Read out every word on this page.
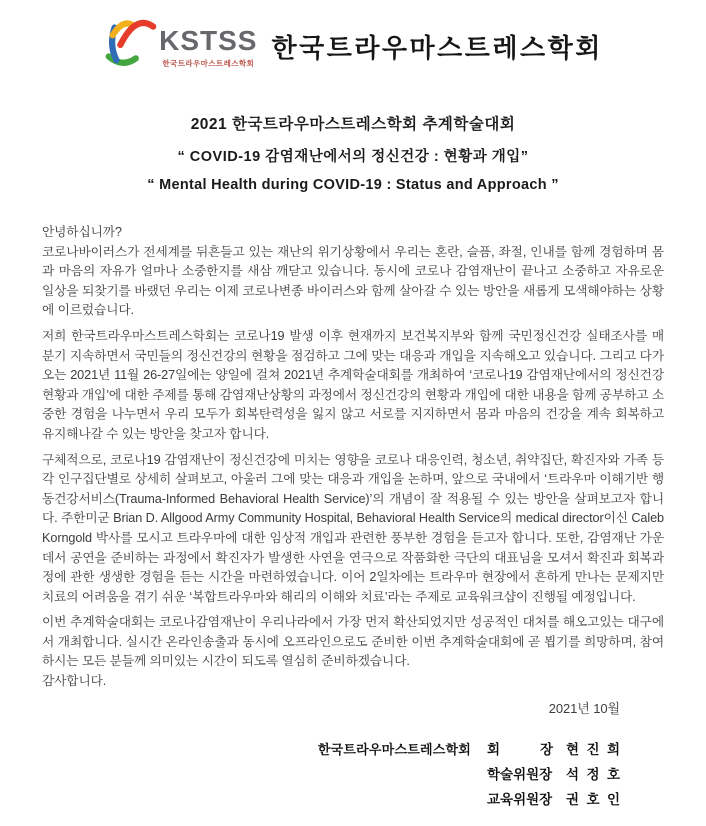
KSTSS
한국트라우마스트레스학회
한국트라우마스트레스학회
2021 한국트라우마스트레스학회 추계학술대회
“ COVID-19 감염재난에서의 정신건강 : 현황과 개입”
“ Mental Health during COVID-19 : Status and Approach ”
안녕하십니까?

코로나바이러스가 전세계를 뒤흔들고 있는 재난의 위기상황에서 우리는 혼란, 슬픔, 좌절, 인내를 함께 경험하며 몸과 마음의 자유가 얼마나 소중한지를 새삼 깨닫고 있습니다. 동시에 코로나 감염재난이 끝나고 소중하고 자유로운 일상을 되찾기를 바랬던 우리는 이제 코로나변종 바이러스와 함께 살아갈 수 있는 방안을 새롭게 모색해야하는 상황에 이르렀습니다.

저희 한국트라우마스트레스학회는 코로나19 발생 이후 현재까지 보건복지부와 함께 국민정신건강 실태조사를 매 분기 지속하면서 국민들의 정신건강의 현황을 점검하고 그에 맞는 대응과 개입을 지속해오고 있습니다. 그리고 다가오는 2021년 11월 26-27일에는 양일에 걸쳐 2021년 추계학술대회를 개최하여 ‘코로나19 감염재난에서의 정신건강 현황과 개입’에 대한 주제를 통해 감염재난상황의 과정에서 정신건강의 현황과 개입에 대한 내용을 함께 공부하고 소중한 경험을 나누면서 우리 모두가 회복탄력성을 잃지 않고 서로를 지지하면서 몸과 마음의 건강을 계속 회복하고 유지해나갈 수 있는 방안을 찾고자 합니다.

구체적으로, 코로나19 감염재난이 정신건강에 미치는 영향을 코로나 대응인력, 청소년, 취약집단, 확진자와 가족 등 각 인구집단별로 상세히 살펴보고, 아울러 그에 맞는 대응과 개입을 논하며, 앞으로 국내에서 ‘트라우마 이해기반 행동건강서비스(Trauma-Informed Behavioral Health Service)’의 개념이 잘 적용될 수 있는 방안을 살펴보고자 합니다. 주한미군 Brian D. Allgood Army Community Hospital, Behavioral Health Service의 medical director이신 Caleb Korngold 박사를 모시고 트라우마에 대한 임상적 개입과 관련한 풍부한 경험을 듣고자 합니다. 또한, 감염재난 가운데서 공연을 준비하는 과정에서 확진자가 발생한 사연을 연극으로 작품화한 극단의 대표님을 모셔서 확진과 회복과정에 관한 생생한 경험을 듣는 시간을 마련하였습니다. 이어 2일차에는 트라우마 현장에서 흔하게 만나는 문제지만 치료의 어려움을 겪기 쉬운 ‘복합트라우마와 해리의 이해와 치료’라는 주제로 교육워크샵이 진행될 예정입니다.

이번 추계학술대회는 코로나감염재난이 우리나라에서 가장 먼저 확산되었지만 성공적인 대처를 해오고있는 대구에서 개최합니다. 실시간 온라인송출과 동시에 오프라인으로도 준비한 이번 추계학술대회에 곧 뵙기를 희망하며, 참여하시는 모든 분들께 의미있는 시간이 되도록 열심히 준비하겠습니다.

감사합니다.
2021년 10월
한국트라우마스트레스학회 회 장 현 진 희
학술위원장 석 정 호
교육위원장 권 호 인
